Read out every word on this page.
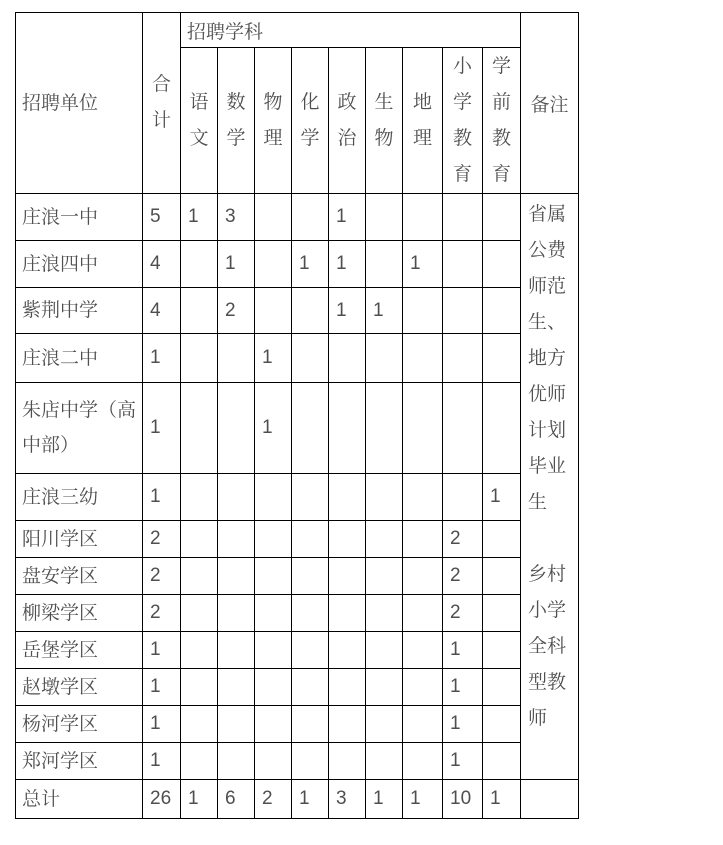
招聘单位	合计	招聘学科									备注

		语文	数学	物理	化学	政治	生物	地理	小学教育	学前教育	

庄浪一中	5	1	3			1					省属公费师范生、地方优师计划毕业生
乡村小学全科型教师

庄浪四中	4		1		1	1		1			

紫荆中学	4		2			1	1				

庄浪二中	1			1							

朱店中学（高中部）	1			1							

庄浪三幼	1									1	

阳川学区	2								2		

盘安学区	2								2		

柳梁学区	2								2		

岳堡学区	1								1		

赵墩学区	1								1		

杨河学区	1								1		

郑河学区	1								1		

总计	26	1	6	2	1	3	1	1	10	1	
